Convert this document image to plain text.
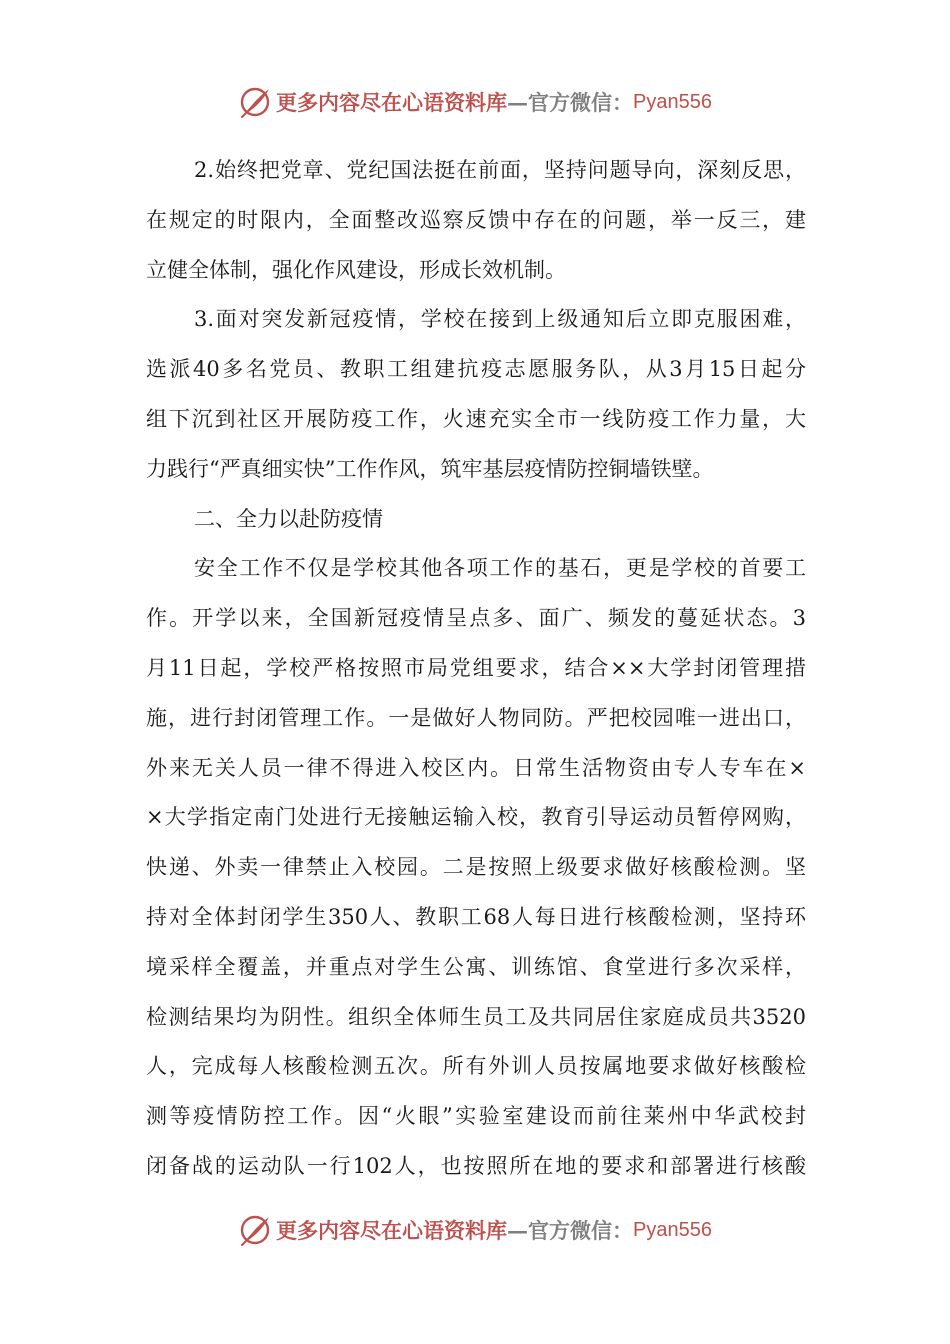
更多内容尽在心语资料库 — 官方微信： Pyan556
2.始终把党章、党纪国法挺在前面，坚持问题导向，深刻反思，
在规定的时限内，全面整改巡察反馈中存在的问题，举一反三，建
立健全体制，强化作风建设，形成长效机制。
3.面对突发新冠疫情，学校在接到上级通知后立即克服困难，
选派40多名党员、教职工组建抗疫志愿服务队，从3月15日起分
组下沉到社区开展防疫工作，火速充实全市一线防疫工作力量，大
力践行“严真细实快”工作作风，筑牢基层疫情防控铜墙铁壁。
二、全力以赴防疫情
安全工作不仅是学校其他各项工作的基石，更是学校的首要工
作。开学以来，全国新冠疫情呈点多、面广、频发的蔓延状态。3
月11日起，学校严格按照市局党组要求，结合××大学封闭管理措
施，进行封闭管理工作。一是做好人物同防。严把校园唯一进出口，
外来无关人员一律不得进入校区内。日常生活物资由专人专车在×
×大学指定南门处进行无接触运输入校，教育引导运动员暂停网购，
快递、外卖一律禁止入校园。二是按照上级要求做好核酸检测。坚
持对全体封闭学生350人、教职工68人每日进行核酸检测，坚持环
境采样全覆盖，并重点对学生公寓、训练馆、食堂进行多次采样，
检测结果均为阴性。组织全体师生员工及共同居住家庭成员共3520
人，完成每人核酸检测五次。所有外训人员按属地要求做好核酸检
测等疫情防控工作。因“火眼”实验室建设而前往莱州中华武校封
闭备战的运动队一行102人，也按照所在地的要求和部署进行核酸
更多内容尽在心语资料库 — 官方微信： Pyan556
